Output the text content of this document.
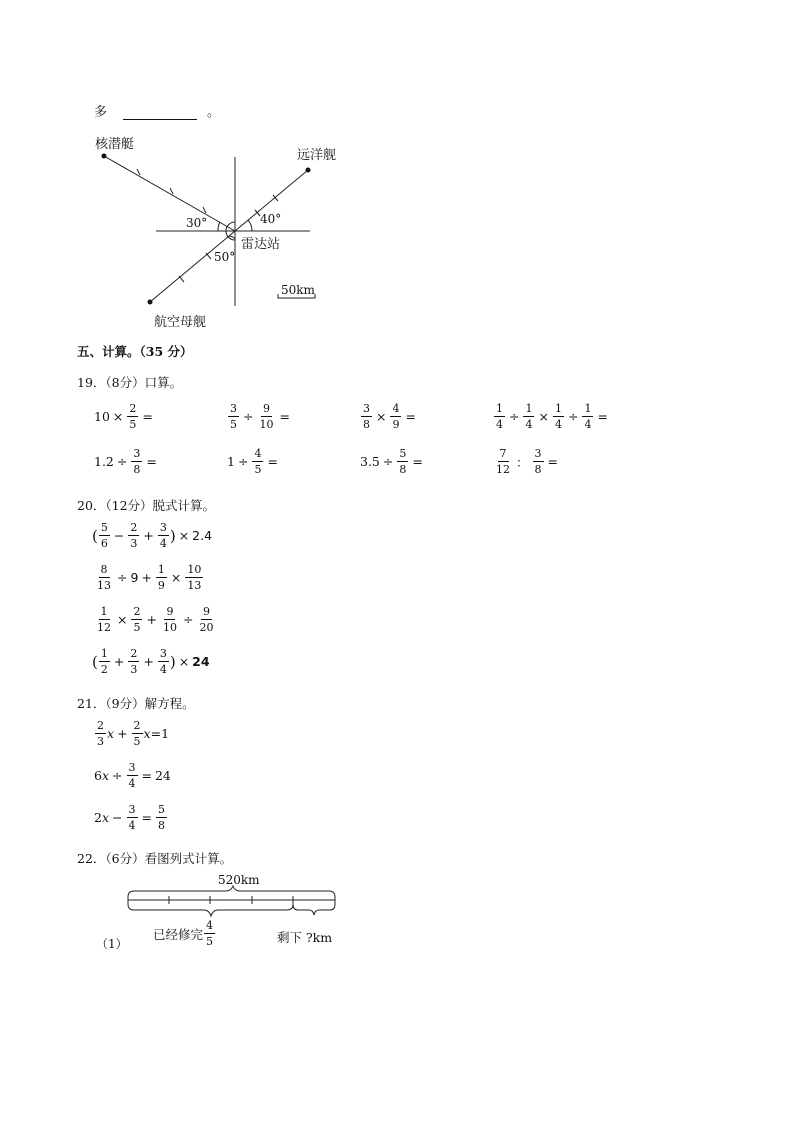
多	。
核潜艇
远洋舰
雷达站
航空母舰
30°	40°
50°
50km
五、计算。（35 分）
19．（8分）口算。
$10 \times \frac{2}{5}$ =	$\frac{3}{5} \div \frac{9}{10}$ =	$\frac{3}{8} \times \frac{4}{9}$ =	$\frac{1}{4} \div \frac{1}{4} \times \frac{1}{4} \div \frac{1}{4}$ =
$1.2 \div \frac{3}{8}$ =	$1 \div \frac{4}{5}$ =	$3.5 \div \frac{5}{8}$ =	$\frac{7}{12}$ ： $\frac{3}{8}$ =
20．（12分）脱式计算。
( $\frac{5}{6} - \frac{2}{3} + \frac{3}{4}$ ) × 2.4
$\frac{8}{13} \div 9 + \frac{1}{9} \times \frac{10}{13}$
$\frac{1}{12} \times \frac{2}{5} + \frac{9}{10} \div \frac{9}{20}$
( $\frac{1}{2} + \frac{2}{3} + \frac{3}{4}$ ) × 24
21．（9分）解方程。
$\frac{2}{3}$ $x + \frac{2}{5}$ x = 1
6 $x \div \frac{3}{4} = 24$
2 $x - \frac{3}{4} = \frac{5}{8}$
22．（6分）看图列式计算。
520km
（1）
已经修完 $\frac{4}{5}$	剩下 ?km
